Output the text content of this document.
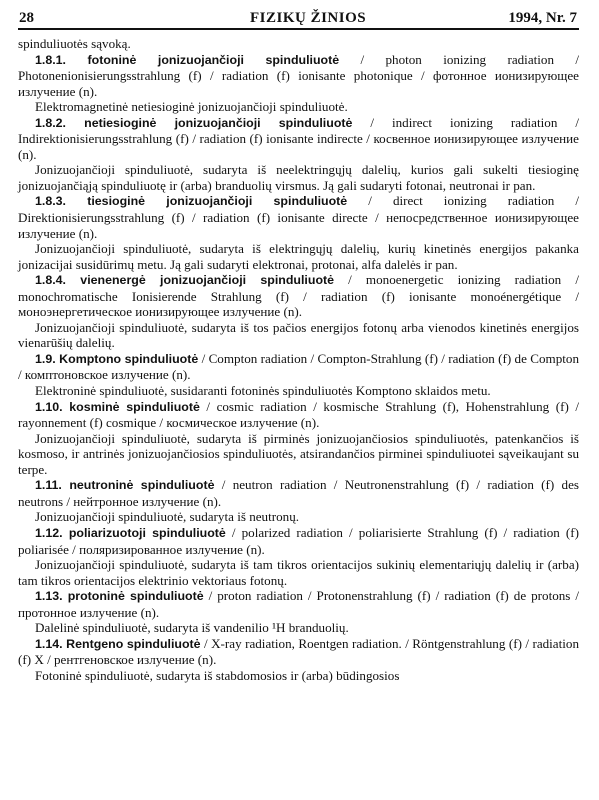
28	FIZIKŲ ŽINIOS	1994, Nr. 7

spinduliuotės sąvoką.

1.8.1. fotoninė jonizuojančioji spinduliuotė / photon ionizing radiation / Photonenionisierungsstrahlung (f) / radiation (f) ionisante photonique / фотонное ионизирующее излучение (n).

Elektromagnetinė netiesioginė jonizuojančioji spinduliuotė.

1.8.2. netiesioginė jonizuojančioji spinduliuotė / indirect ionizing radiation / Indirektionisierungsstrahlung (f) / radiation (f) ionisante indirecte / косвенное ионизирующее излучение (n).

Jonizuojančioji spinduliuotė, sudaryta iš neelektringųjų dalelių, kurios gali sukelti tiesioginę jonizuojančiąją spinduliuotę ir (arba) branduolių virsmus. Ją gali sudaryti fotonai, neutronai ir pan.

1.8.3. tiesioginė jonizuojančioji spinduliuotė / direct ionizing radiation / Direktionisierungsstrahlung (f) / radiation (f) ionisante directe / непосредственное ионизирующее излучение (n).

Jonizuojančioji spinduliuotė, sudaryta iš elektringųjų dalelių, kurių kinetinės energijos pakanka jonizacijai susidūrimų metu. Ją gali sudaryti elektronai, protonai, alfa dalelės ir pan.

1.8.4. vienenergė jonizuojančioji spinduliuotė / monoenergetic ionizing radiation / monochromatische Ionisierende Strahlung (f) / radiation (f) ionisante monoénergétique / моноэнергетическое ионизирующее излучение (n).

Jonizuojančioji spinduliuotė, sudaryta iš tos pačios energijos fotonų arba vienodos kinetinės energijos vienarūšių dalelių.

1.9. Komptono spinduliuotė / Compton radiation / Compton-Strahlung (f) / radiation (f) de Compton / комптоновское излучение (n).

Elektroninė spinduliuotė, susidaranti fotoninės spinduliuotės Komptono sklaidos metu.

1.10. kosminė spinduliuotė / cosmic radiation / kosmische Strahlung (f), Hohenstrahlung (f) / rayonnement (f) cosmique / космическое излучение (n).

Jonizuojančioji spinduliuotė, sudaryta iš pirminės jonizuojančiosios spinduliuotės, patenkančios iš kosmoso, ir antrinės jonizuojančiosios spinduliuotės, atsirandančios pirminei spinduliuotei sąveikaujant su terpe.

1.11. neutroninė spinduliuotė / neutron radiation / Neutronenstrahlung (f) / radiation (f) des neutrons / нейтронное излучение (n).

Jonizuojančioji spinduliuotė, sudaryta iš neutronų.

1.12. poliarizuotoji spinduliuotė / polarized radiation / poliarisierte Strahlung (f) / radiation (f) poliarisée / поляризированное излучение (n).

Jonizuojančioji spinduliuotė, sudaryta iš tam tikros orientacijos sukinių elementariųjų dalelių ir (arba) tam tikros orientacijos elektrinio vektoriaus fotonų.

1.13. protoninė spinduliuotė / proton radiation / Protonenstrahlung (f) / radiation (f) de protons / протонное излучение (n).

Dalelinė spinduliuotė, sudaryta iš vandenilio ¹H branduolių.

1.14. Rentgeno spinduliuotė / X-ray radiation, Roentgen radiation. / Röntgenstrahlung (f) / radiation (f) X / рентгеновское излучение (n).

Fotoninė spinduliuotė, sudaryta iš stabdomosios ir (arba) būdingosios
